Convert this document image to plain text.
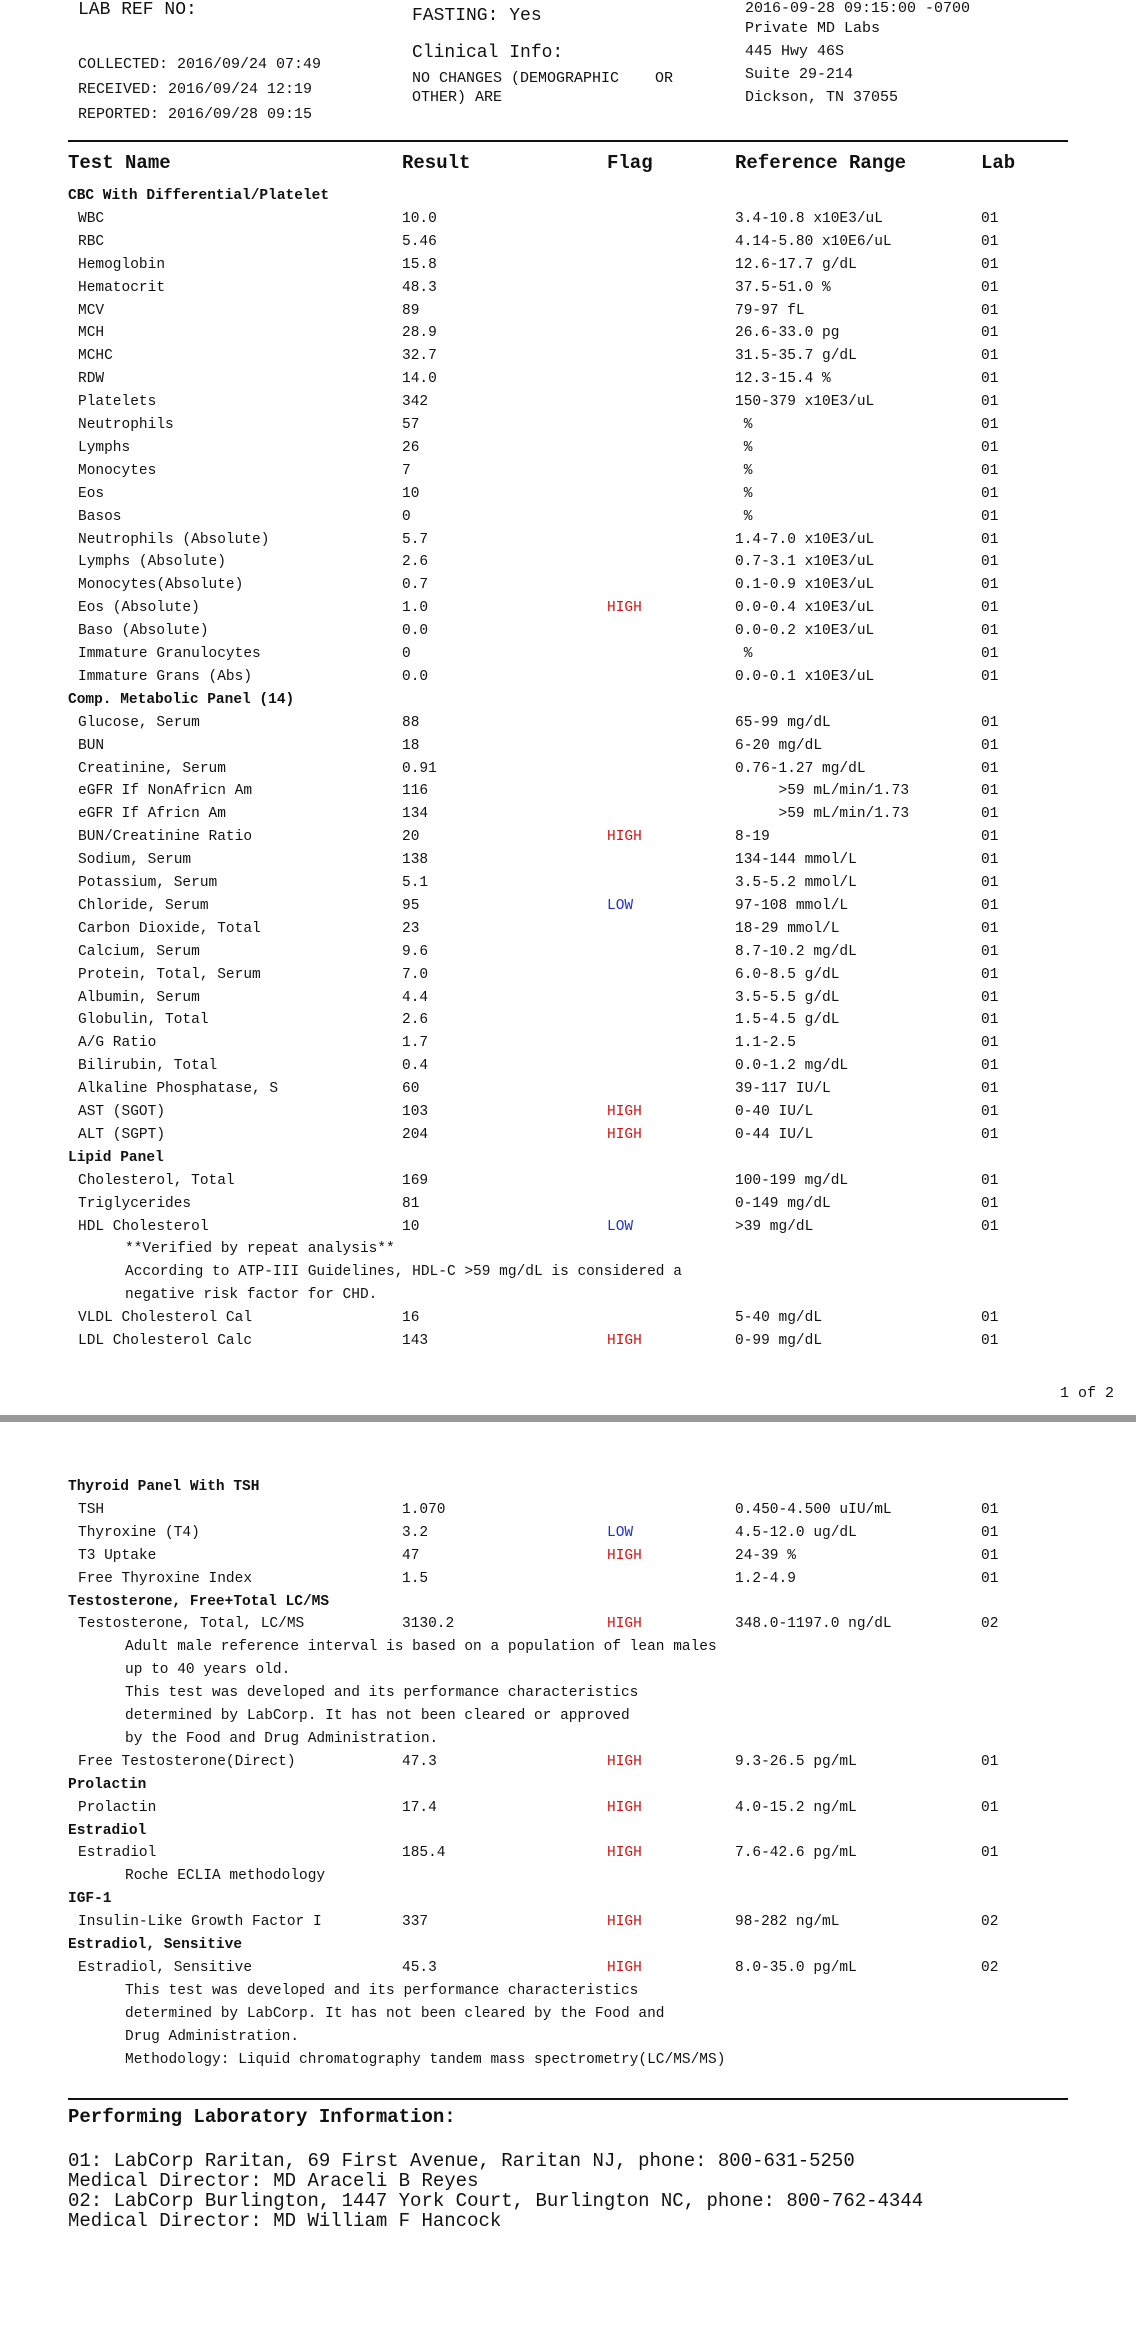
LAB REF NO:
COLLECTED: 2016/09/24 07:49
RECEIVED: 2016/09/24 12:19
REPORTED: 2016/09/28 09:15
FASTING: Yes
Clinical Info:
NO CHANGES (DEMOGRAPHIC    OR
OTHER) ARE
2016-09-28 09:15:00 -0700
Private MD Labs
445 Hwy 46S
Suite 29-214
Dickson, TN 37055
Test Name	Result	Flag	Reference Range	Lab
CBC With Differential/Platelet
WBC	10.0	3.4-10.8 x10E3/uL	01
RBC	5.46	4.14-5.80 x10E6/uL	01
Hemoglobin	15.8	12.6-17.7 g/dL	01
Hematocrit	48.3	37.5-51.0 %	01
MCV	89	79-97 fL	01
MCH	28.9	26.6-33.0 pg	01
MCHC	32.7	31.5-35.7 g/dL	01
RDW	14.0	12.3-15.4 %	01
Platelets	342	150-379 x10E3/uL	01
Neutrophils	57	%	01
Lymphs	26	%	01
Monocytes	7	%	01
Eos	10	%	01
Basos	0	%	01
Neutrophils (Absolute)	5.7	1.4-7.0 x10E3/uL	01
Lymphs (Absolute)	2.6	0.7-3.1 x10E3/uL	01
Monocytes(Absolute)	0.7	0.1-0.9 x10E3/uL	01
Eos (Absolute)	1.0	HIGH	0.0-0.4 x10E3/uL	01
Baso (Absolute)	0.0	0.0-0.2 x10E3/uL	01
Immature Granulocytes	0	%	01
Immature Grans (Abs)	0.0	0.0-0.1 x10E3/uL	01
Comp. Metabolic Panel (14)
Glucose, Serum	88	65-99 mg/dL	01
BUN	18	6-20 mg/dL	01
Creatinine, Serum	0.91	0.76-1.27 mg/dL	01
eGFR If NonAfricn Am	116	>59 mL/min/1.73	01
eGFR If Africn Am	134	>59 mL/min/1.73	01
BUN/Creatinine Ratio	20	HIGH	8-19	01
Sodium, Serum	138	134-144 mmol/L	01
Potassium, Serum	5.1	3.5-5.2 mmol/L	01
Chloride, Serum	95	LOW	97-108 mmol/L	01
Carbon Dioxide, Total	23	18-29 mmol/L	01
Calcium, Serum	9.6	8.7-10.2 mg/dL	01
Protein, Total, Serum	7.0	6.0-8.5 g/dL	01
Albumin, Serum	4.4	3.5-5.5 g/dL	01
Globulin, Total	2.6	1.5-4.5 g/dL	01
A/G Ratio	1.7	1.1-2.5	01
Bilirubin, Total	0.4	0.0-1.2 mg/dL	01
Alkaline Phosphatase, S	60	39-117 IU/L	01
AST (SGOT)	103	HIGH	0-40 IU/L	01
ALT (SGPT)	204	HIGH	0-44 IU/L	01
Lipid Panel
Cholesterol, Total	169	100-199 mg/dL	01
Triglycerides	81	0-149 mg/dL	01
HDL Cholesterol	10	LOW	>39 mg/dL	01
**Verified by repeat analysis**
According to ATP-III Guidelines, HDL-C >59 mg/dL is considered a
negative risk factor for CHD.
VLDL Cholesterol Cal	16	5-40 mg/dL	01
LDL Cholesterol Calc	143	HIGH	0-99 mg/dL	01
1 of 2
Thyroid Panel With TSH
TSH	1.070	0.450-4.500 uIU/mL	01
Thyroxine (T4)	3.2	LOW	4.5-12.0 ug/dL	01
T3 Uptake	47	HIGH	24-39 %	01
Free Thyroxine Index	1.5	1.2-4.9	01
Testosterone, Free+Total LC/MS
Testosterone, Total, LC/MS	3130.2	HIGH	348.0-1197.0 ng/dL	02
Adult male reference interval is based on a population of lean males
up to 40 years old.
This test was developed and its performance characteristics
determined by LabCorp. It has not been cleared or approved
by the Food and Drug Administration.
Free Testosterone(Direct)	47.3	HIGH	9.3-26.5 pg/mL	01
Prolactin
Prolactin	17.4	HIGH	4.0-15.2 ng/mL	01
Estradiol
Estradiol	185.4	HIGH	7.6-42.6 pg/mL	01
Roche ECLIA methodology
IGF-1
Insulin-Like Growth Factor I	337	HIGH	98-282 ng/mL	02
Estradiol, Sensitive
Estradiol, Sensitive	45.3	HIGH	8.0-35.0 pg/mL	02
This test was developed and its performance characteristics
determined by LabCorp. It has not been cleared by the Food and
Drug Administration.
Methodology: Liquid chromatography tandem mass spectrometry(LC/MS/MS)
Performing Laboratory Information:
01: LabCorp Raritan, 69 First Avenue, Raritan NJ, phone: 800-631-5250
Medical Director: MD Araceli B Reyes
02: LabCorp Burlington, 1447 York Court, Burlington NC, phone: 800-762-4344
Medical Director: MD William F Hancock
